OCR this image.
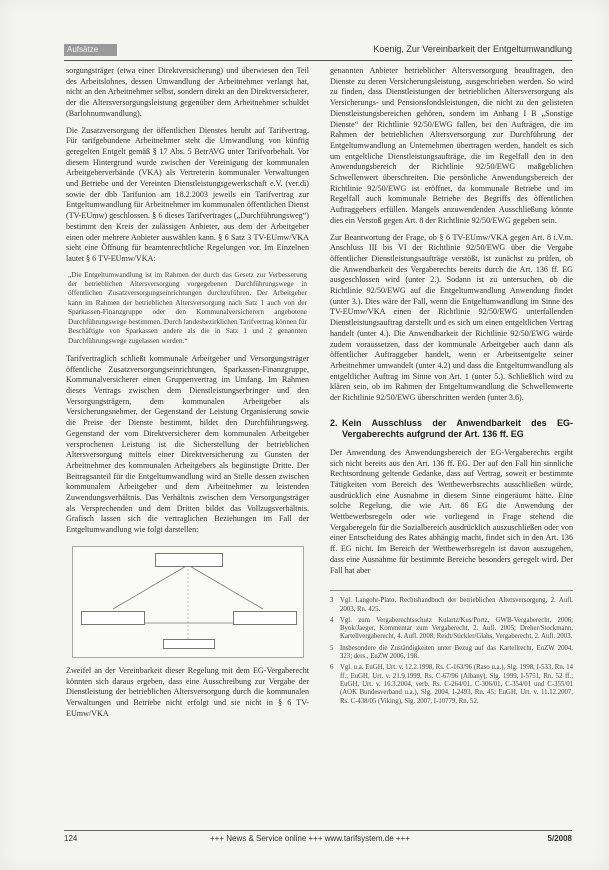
Aufsätze	Koenig, Zur Vereinbarkeit der Entgeltumwandlung

sorgungsträger (etwa einer Direktversicherung) und überwiesen den Teil des Arbeitslohnes, dessen Umwandlung der Arbeitnehmer verlangt hat, nicht an den Arbeitnehmer selbst, sondern direkt an den Direktversicherer, der die Altersversorgungsleistung gegenüber dem Arbeitnehmer schuldet (Barlohnumwandlung).

Die Zusatzversorgung der öffentlichen Dienstes beruht auf Tarifvertrag. Für tarifgebundene Arbeitnehmer steht die Umwandlung von künftig geregelten Entgelt gemäß § 17 Abs. 5 BetrAVG unter Tarifvorbehalt. Vor diesem Hintergrund wurde zwischen der Vereinigung der kommunalen Arbeitgeberverbände (VKA) als Vertreterin kommunaler Verwaltungen und Betriebe und der Vereinten Dienstleistungsgewerkschaft e.V. (ver.di) sowie der dbb Tarifunion am 18.2.2003 jeweils ein Tarifvertrag zur Entgeltumwandlung für Arbeitnehmer im kommunalen öffentlichen Dienst (TV-EUmw) geschlossen. § 6 dieses Tarifvertrages („Durchführungsweg“) bestimmt den Kreis der zulässigen Anbieter, aus dem der Arbeitgeber einen oder mehrere Anbieter auswählen kann. § 6 Satz 3 TV-EUmw/VKA sieht eine Öffnung für beamtenrechtliche Regelungen vor. Im Einzelnen lautet § 6 TV-EUmw/VKA:

„Die Entgeltumwandlung ist im Rahmen der durch das Gesetz zur Verbesserung der betrieblichen Altersversorgung vorgegebenen Durchführungswege in öffentlichen Zusatzversorgungseinrichtungen durchzuführen. Der Arbeitgeber kann im Rahmen der betrieblichen Altersversorgung nach Satz 1 auch von der Sparkassen-Finanzgruppe oder den Kommunalversicherern angebotene Durchführungswege bestimmen. Durch landesbezirklichen Tarifvertrag können für Beschäftigte von Sparkassen andere als die in Satz 1 und 2 genannten Durchführungswege zugelassen werden.“

Tarifvertraglich schließt kommunale Arbeitgeber und Versorgungsträger öffentliche Zusatzversorgungseinrichtungen, Sparkassen-Finanzgruppe, Kommunalversicherer einen Gruppenvertrag im Umfang. Im Rahmen dieses Vertrags zwischen dem Dienstleistungserbringer und den Versorgungsträgern, dem kommunalen Arbeitgeber als Versicherungsnehmer, der Gegenstand der Leistung Organisierung sowie die Preise der Dienste bestimmt, bildet den Durchführungsweg. Gegenstand der vom Direktversicherer dem kommunalen Arbeitgeber versprochenen Leistung ist die Sicherstellung der betrieblichen Altersversorgung mittels einer Direktversicherung zu Gunsten der Arbeitnehmer des kommunalen Arbeitgebers als begünstigte Dritte. Der Beitragsanteil für die Entgeltumwandlung wird an Stelle dessen zwischen kommunalem Arbeitgeber und dem Arbeitnehmer zu leistenden Zuwendungsverhältnis. Das Verhältnis zwischen dem Versorgungsträger als Versprechenden und dem Dritten bildet das Vollzugsverhältnis. Grafisch lassen sich die vertraglichen Beziehungen im Fall der Entgeltumwandlung wie folgt darstellen:

Zweifel an der Vereinbarkeit dieser Regelung mit dem EG-Vergaberecht könnten sich daraus ergeben, dass eine Ausschreibung zur Vergabe der Dienstleistung der betrieblichen Altersversorgung durch die kommunalen Verwaltungen und Betriebe nicht erfolgt und sie nicht in § 6 TV-EUmw/VKA

genannten Anbieter betrieblicher Altersversorgung beauftragen, den Dienste zu deren Versicherungsleistung, ausgeschrieben werden. So wird zu finden, dass Dienstleistungen der betrieblichen Altersversorgung als Versicherungs- und Pensionsfondsleistungen, die nicht zu den gelisteten Dienstleistungsbereichen gehören, sondern im Anhang I B „Sonstige Dienste“ der Richtlinie 92/50/EWG fallen, bei den Aufträgen, die im Rahmen der betrieblichen Altersversorgung zur Durchführung der Entgeltumwandlung an Unternehmen übertragen werden, handelt es sich um entgeltliche Dienstleistungsaufträge, die im Regelfall den in den Anwendungsbereich der Richtlinie 92/50/EWG maßgeblichen Schwellenwert überschreiten. Die persönliche Anwendungsbereich der Richtlinie 92/50/EWG ist eröffnet, da kommunale Betriebe und im Regelfall auch kommunale Betriebe des Begriffs des öffentlichen Auftraggebers erfüllen. Mangels anzuwendenden Ausschließung könnte dies ein Verstoß gegen Art. 8 der Richtlinie 92/50/EWG gegeben sein.

Zur Beantwortung der Frage, ob § 6 TV-EUmw/VKA gegen Art. 8 i.V.m. Anschluss III bis VI der Richtlinie 92/50/EWG über die Vergabe öffentlicher Dienstleistungsaufträge verstößt, ist zunächst zu prüfen, ob die Anwendbarkeit des Vergaberechts bereits durch die Art. 136 ff. EG ausgeschlossen wird (unter 2.). Sodann ist zu untersuchen, ob die Richtlinie 92/50/EWG auf die Entgeltumwandlung Anwendung findet (unter 3.). Dies wäre der Fall, wenn die Entgeltumwandlung im Sinne des TV-EUmw/VKA einen der Richtlinie 92/50/EWG unterfallenden Dienstleistungsauftrag darstellt und es sich um einen entgeltlichen Vertrag handelt (unter 4.). Die Anwendbarkeit der Richtlinie 92/50/EWG würde zudem voraussetzen, dass der kommunale Arbeitgeber auch dann als öffentlicher Auftraggeber handelt, wenn er Arbeitsentgelte seiner Arbeitnehmer umwandelt (unter 4.2) und dass die Entgeltumwandlung als entgeltlicher Auftrag im Sinne von Art. 1 (unter 5.). Schließlich wird zu klären sein, ob im Rahmen der Entgeltumwandlung die Schwellenwerte der Richtlinie 92/50/EWG überschritten werden (unter 3.6).

2. Kein Ausschluss der Anwendbarkeit des EG-Vergaberechts aufgrund der Art. 136 ff. EG

Der Anwendung des Anwendungsbereich der EG-Vergaberechts ergibt sich nicht bereits aus den Art. 136 ff. EG. Der auf den Fall hin sinnliche Rechtsordnung geltende Gedanke, dass auf Vertrag, soweit er bestimmte Tätigkeiten vom Bereich des Wettbewerbsrechts ausschließen würde, ausdrücklich eine Ausnahme in diesem Sinne eingeräumt hätte. Eine solche Regelung, die wie Art. 86 EG die Anwendung der Wettbewerbsregeln oder wie vorliegend in Frage stehend die Vergaberegeln für die Sozialbereich ausdrücklich auszuschließen oder von einer Entscheidung des Rates abhängig macht, findet sich in den Art. 136 ff. EG nicht. Im Bereich der Wettbewerbsregeln ist davon auszugehen, dass eine Ausnahme für bestimmte Bereiche besonders geregelt wird. Der Fall hat aber

3 Vgl. Langohr-Plato, Rechtshandbuch der betrieblichen Altersversorgung, 2. Aufl. 2003, Rn. 425.
4 Vgl. zum Vergaberechtsschutz Kulartz/Kus/Portz, GWB-Vergaberecht, 2006; Byok/Jaeger, Kommentar zum Vergaberecht, 2. Aufl. 2005; Dreher/Stockmann, Kartellvergaberecht, 4. Aufl. 2008; Reidt/Stickler/Glahs, Vergaberecht, 2. Aufl. 2003.
5 Insbesondere die Zuständigkeiten unter Bezug auf das Kartellrecht, EuZW 2004, 323; ders., EuZW 2006, 198.
6 Vgl. u.a. EuGH, Urt. v. 12.2.1998, Rs. C-163/96 (Raso u.a.), Slg. 1998, I-533, Rn. 14 ff.; EuGH, Urt. v. 21.9.1999, Rs. C-67/96 (Albany), Slg. 1999, I-5751, Rn. 52 ff.; EuGH, Urt. v. 16.3.2004, verb. Rs. C-264/01, C-306/01, C-354/01 und C-355/01 (AOK Bundesverband u.a.), Slg. 2004, I-2493, Rn. 45; EuGH, Urt. v. 11.12.2007, Rs. C-438/05 (Viking), Slg. 2007, I-10779, Rn. 52.
124	+++ News & Service online +++ www.tarifsystem.de +++	5/2008
